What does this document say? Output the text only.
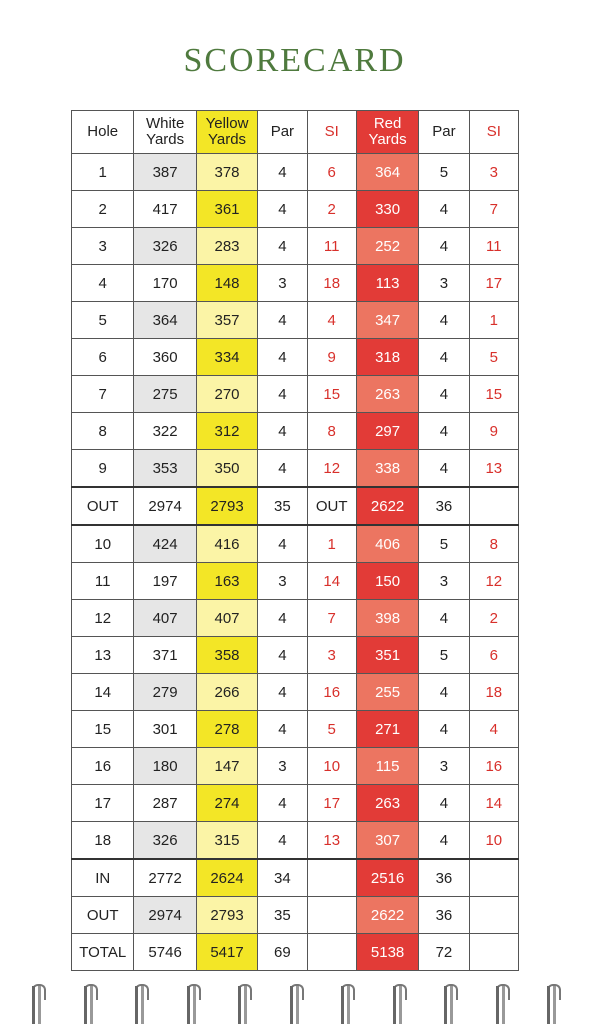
SCORECARD
Hole	White Yards	Yellow Yards	Par	SI	Red Yards	Par	SI
1	387	378	4	6	364	5	3
2	417	361	4	2	330	4	7
3	326	283	4	11	252	4	11
4	170	148	3	18	113	3	17
5	364	357	4	4	347	4	1
6	360	334	4	9	318	4	5
7	275	270	4	15	263	4	15
8	322	312	4	8	297	4	9
9	353	350	4	12	338	4	13
OUT	2974	2793	35	OUT	2622	36	
10	424	416	4	1	406	5	8
11	197	163	3	14	150	3	12
12	407	407	4	7	398	4	2
13	371	358	4	3	351	5	6
14	279	266	4	16	255	4	18
15	301	278	4	5	271	4	4
16	180	147	3	10	115	3	16
17	287	274	4	17	263	4	14
18	326	315	4	13	307	4	10
IN	2772	2624	34		2516	36	
OUT	2974	2793	35		2622	36	
TOTAL	5746	5417	69		5138	72	
